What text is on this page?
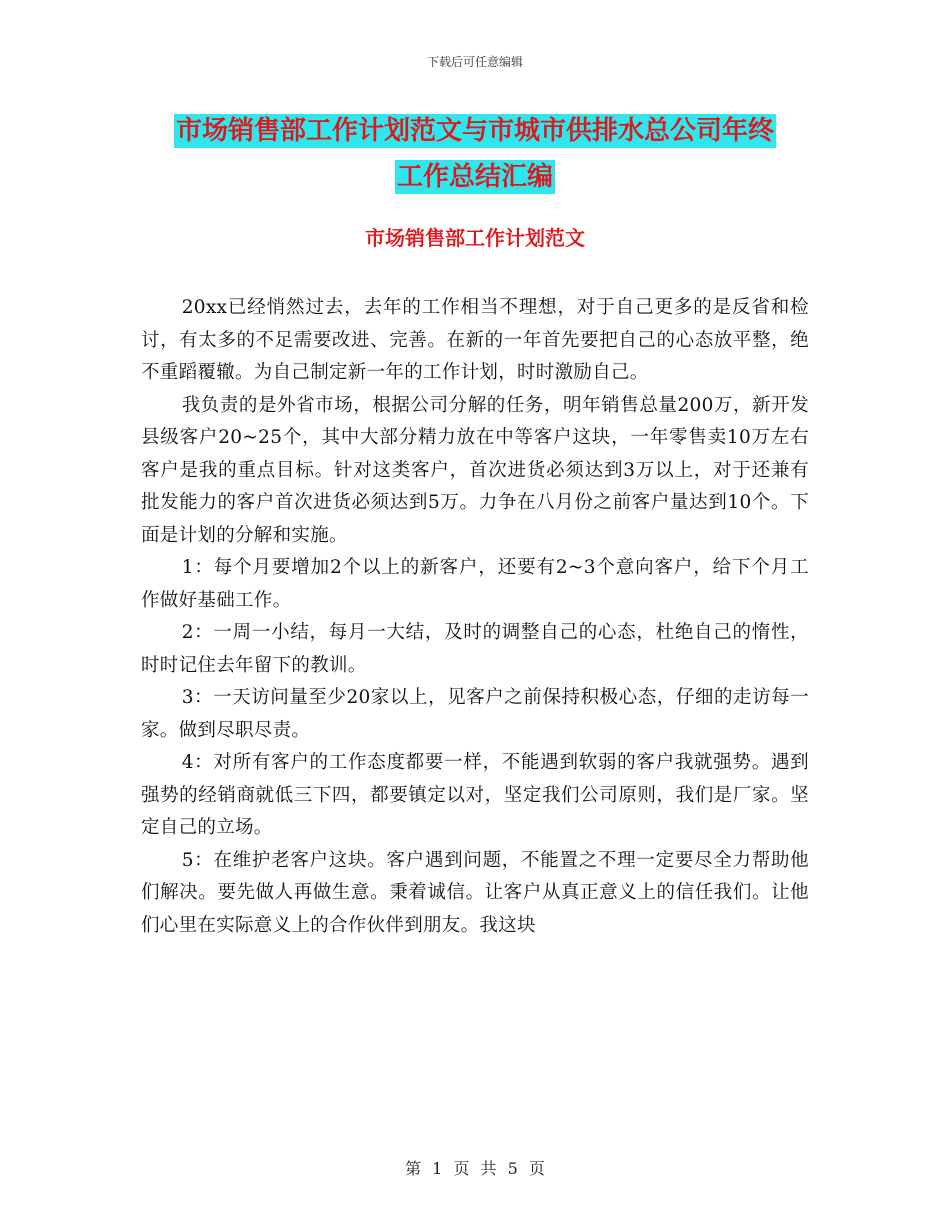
下载后可任意编辑
市场销售部工作计划范文与市城市供排水总公司年终
工作总结汇编
市场销售部工作计划范文

20xx已经悄然过去，去年的工作相当不理想，对于自己更多的是反省和检讨，有太多的不足需要改进、完善。在新的一年首先要把自己的心态放平整，绝不重蹈覆辙。为自己制定新一年的工作计划，时时激励自己。

我负责的是外省市场，根据公司分解的任务，明年销售总量200万，新开发县级客户20~25个，其中大部分精力放在中等客户这块，一年零售卖10万左右客户是我的重点目标。针对这类客户，首次进货必须达到3万以上，对于还兼有批发能力的客户首次进货必须达到5万。力争在八月份之前客户量达到10个。下面是计划的分解和实施。

1：每个月要增加2个以上的新客户，还要有2~3个意向客户，给下个月工作做好基础工作。

2：一周一小结，每月一大结，及时的调整自己的心态，杜绝自己的惰性，时时记住去年留下的教训。

3：一天访问量至少20家以上，见客户之前保持积极心态，仔细的走访每一家。做到尽职尽责。

4：对所有客户的工作态度都要一样，不能遇到软弱的客户我就强势。遇到强势的经销商就低三下四，都要镇定以对，坚定我们公司原则，我们是厂家。坚定自己的立场。

5：在维护老客户这块。客户遇到问题，不能置之不理一定要尽全力帮助他们解决。要先做人再做生意。秉着诚信。让客户从真正意义上的信任我们。让他们心里在实际意义上的合作伙伴到朋友。我这块

第 1 页 共 5 页
